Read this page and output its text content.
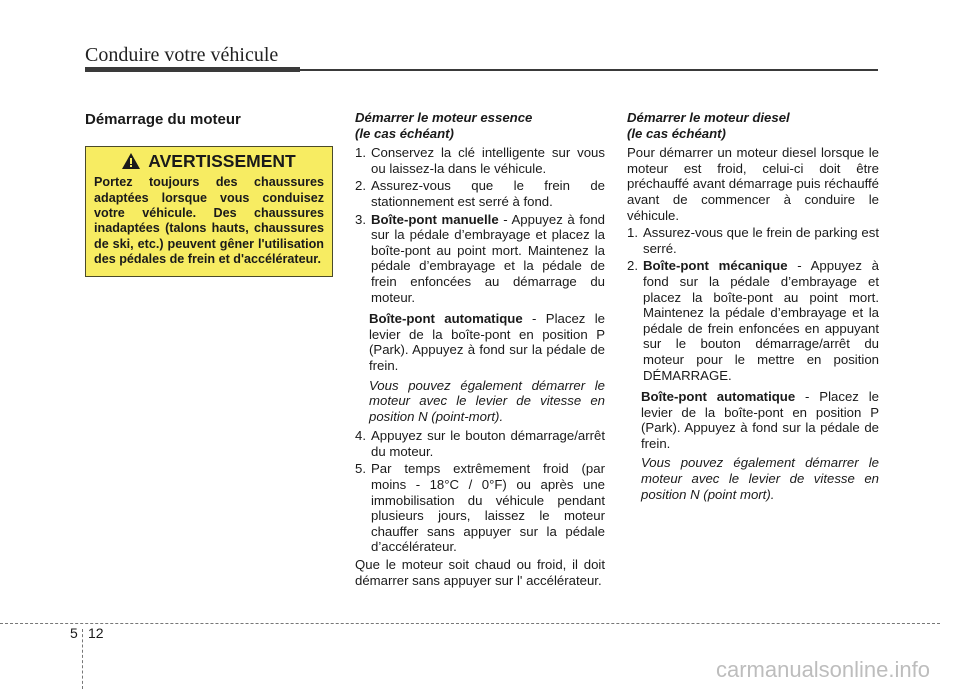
Conduire votre véhicule

Démarrage du moteur

AVERTISSEMENT
Portez toujours des chaussures adaptées lorsque vous conduisez votre véhicule. Des chaussures inadaptées (talons hauts, chaussures de ski, etc.) peuvent gêner l'utilisation des pédales de frein et d'accélérateur.

Démarrer le moteur essence
(le cas échéant)

1. Conservez la clé intelligente sur vous ou laissez-la dans le véhicule.
2. Assurez-vous que le frein de stationnement est serré à fond.
3. Boîte-pont manuelle - Appuyez à fond sur la pédale d’embrayage et placez la boîte-pont au point mort. Maintenez la pédale d’embrayage et la pédale de frein enfoncées au démarrage du moteur.

Boîte-pont automatique - Placez le levier de la boîte-pont en position P (Park). Appuyez à fond sur la pédale de frein.

Vous pouvez également démarrer le moteur avec le levier de vitesse en position N (point-mort).

4. Appuyez sur le bouton démarrage/arrêt du moteur.
5. Par temps extrêmement froid (par moins - 18°C / 0°F) ou après une immobilisation du véhicule pendant plusieurs jours, laissez le moteur chauffer sans appuyer sur la pédale d’accélérateur.

Que le moteur soit chaud ou froid, il doit démarrer sans appuyer sur l' accélérateur.

Démarrer le moteur diesel
(le cas échéant)

Pour démarrer un moteur diesel lorsque le moteur est froid, celui-ci doit être préchauffé avant démarrage puis réchauffé avant de commencer à conduire le véhicule.

1. Assurez-vous que le frein de parking est serré.
2. Boîte-pont mécanique - Appuyez à fond sur la pédale d’embrayage et placez la boîte-pont au point mort. Maintenez la pédale d’embrayage et la pédale de frein enfoncées en appuyant sur le bouton démarrage/arrêt du moteur pour le mettre en position DÉMARRAGE.

Boîte-pont automatique - Placez le levier de la boîte-pont en position P (Park). Appuyez à fond sur la pédale de frein.

Vous pouvez également démarrer le moteur avec le levier de vitesse en position N (point mort).

5 12
carmanualsonline.info
